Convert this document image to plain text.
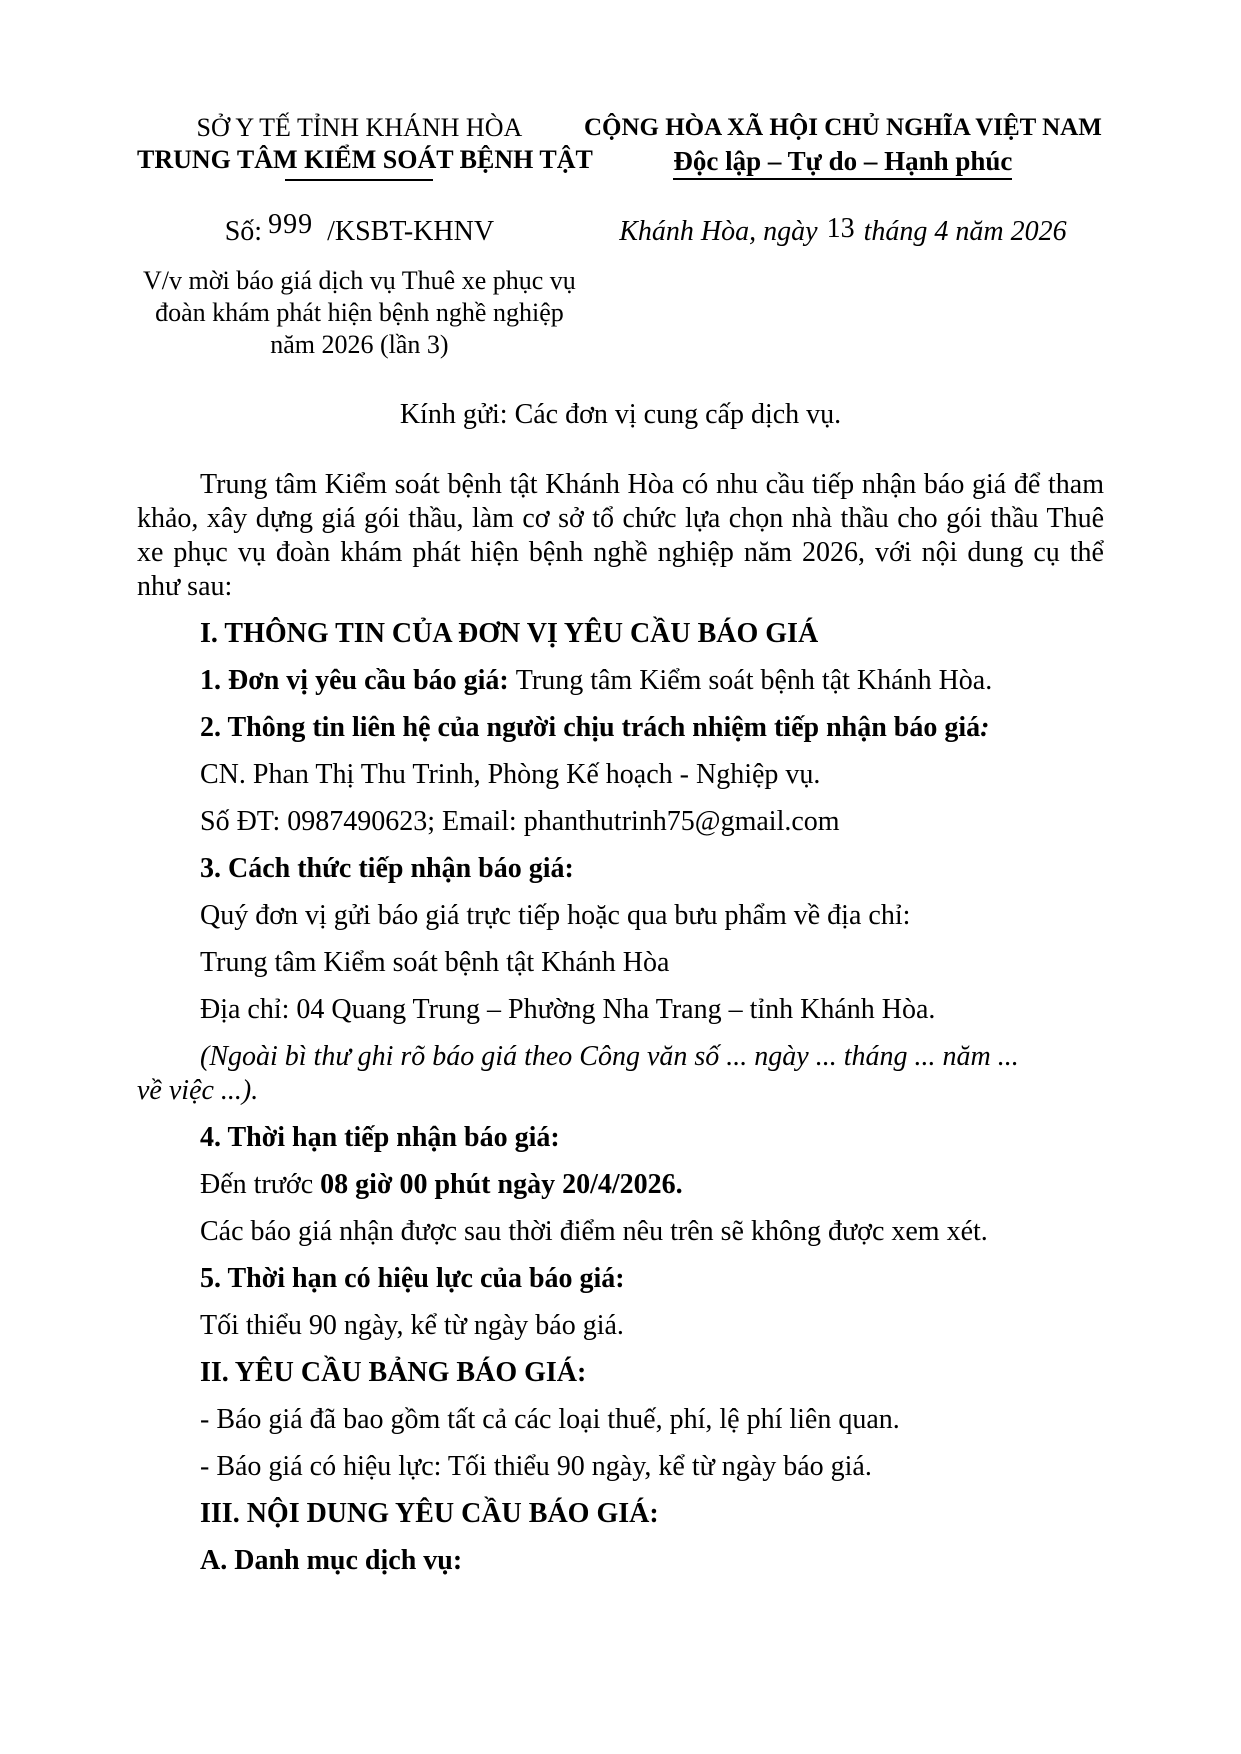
SỞ Y TẾ TỈNH KHÁNH HÒA
TRUNG TÂM KIỂM SOÁT BỆNH TẬT
CỘNG HÒA XÃ HỘI CHỦ NGHĨA VIỆT NAM
Độc lập – Tự do – Hạnh phúc
Số: 999 /KSBT-KHNV	Khánh Hòa, ngày 13 tháng 4 năm 2026
V/v mời báo giá dịch vụ Thuê xe phục vụ
đoàn khám phát hiện bệnh nghề nghiệp
năm 2026 (lần 3)
Kính gửi: Các đơn vị cung cấp dịch vụ.

Trung tâm Kiểm soát bệnh tật Khánh Hòa có nhu cầu tiếp nhận báo giá để tham khảo, xây dựng giá gói thầu, làm cơ sở tổ chức lựa chọn nhà thầu cho gói thầu Thuê xe phục vụ đoàn khám phát hiện bệnh nghề nghiệp năm 2026, với nội dung cụ thể như sau:

I. THÔNG TIN CỦA ĐƠN VỊ YÊU CẦU BÁO GIÁ

1. Đơn vị yêu cầu báo giá: Trung tâm Kiểm soát bệnh tật Khánh Hòa.

2. Thông tin liên hệ của người chịu trách nhiệm tiếp nhận báo giá:

CN. Phan Thị Thu Trinh, Phòng Kế hoạch - Nghiệp vụ.

Số ĐT: 0987490623; Email: phanthutrinh75@gmail.com

3. Cách thức tiếp nhận báo giá:

Quý đơn vị gửi báo giá trực tiếp hoặc qua bưu phẩm về địa chỉ:

Trung tâm Kiểm soát bệnh tật Khánh Hòa

Địa chỉ: 04 Quang Trung – Phường Nha Trang – tỉnh Khánh Hòa.

(Ngoài bì thư ghi rõ báo giá theo Công văn số ... ngày ... tháng ... năm ...
về việc ...).

4. Thời hạn tiếp nhận báo giá:

Đến trước 08 giờ 00 phút ngày 20/4/2026.

Các báo giá nhận được sau thời điểm nêu trên sẽ không được xem xét.

5. Thời hạn có hiệu lực của báo giá:

Tối thiểu 90 ngày, kể từ ngày báo giá.

II. YÊU CẦU BẢNG BÁO GIÁ:

- Báo giá đã bao gồm tất cả các loại thuế, phí, lệ phí liên quan.

- Báo giá có hiệu lực: Tối thiểu 90 ngày, kể từ ngày báo giá.

III. NỘI DUNG YÊU CẦU BÁO GIÁ:

A. Danh mục dịch vụ:
